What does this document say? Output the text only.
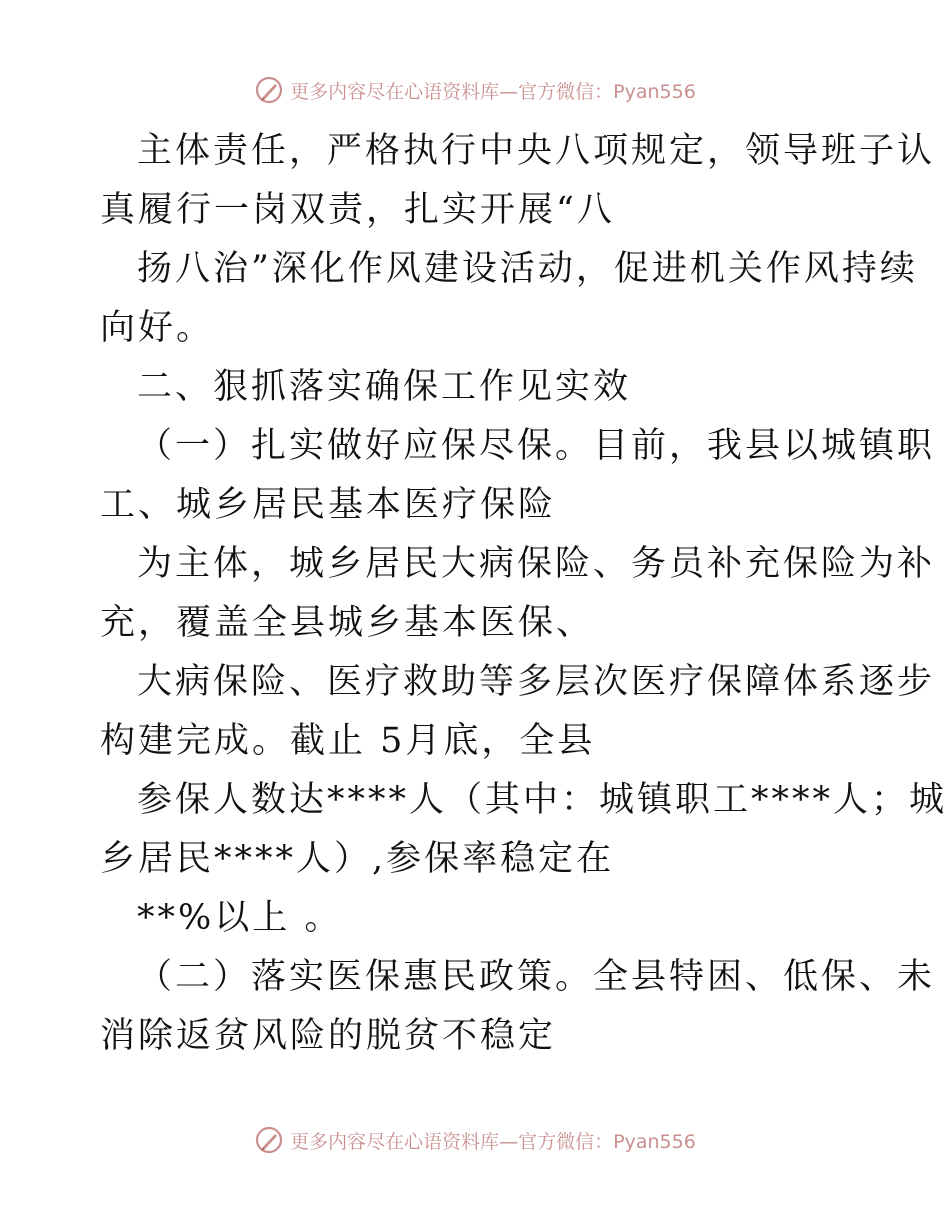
更多内容尽在心语资料库—官方微信：Pyan556
主体责任，严格执行中央八项规定，领导班子认
真履行一岗双责，扎实开展“八
扬八治”深化作风建设活动，促进机关作风持续
向好。
二、狠抓落实确保工作见实效
（一）扎实做好应保尽保。目前，我县以城镇职
工、城乡居民基本医疗保险
为主体，城乡居民大病保险、务员补充保险为补
充，覆盖全县城乡基本医保、
大病保险、医疗救助等多层次医疗保障体系逐步
构建完成。截止 5月底，全县
参保人数达****人（其中：城镇职工****人；城
乡居民****人）,参保率稳定在
**%以上 。
（二）落实医保惠民政策。全县特困、低保、未
消除返贫风险的脱贫不稳定
更多内容尽在心语资料库—官方微信：Pyan556
